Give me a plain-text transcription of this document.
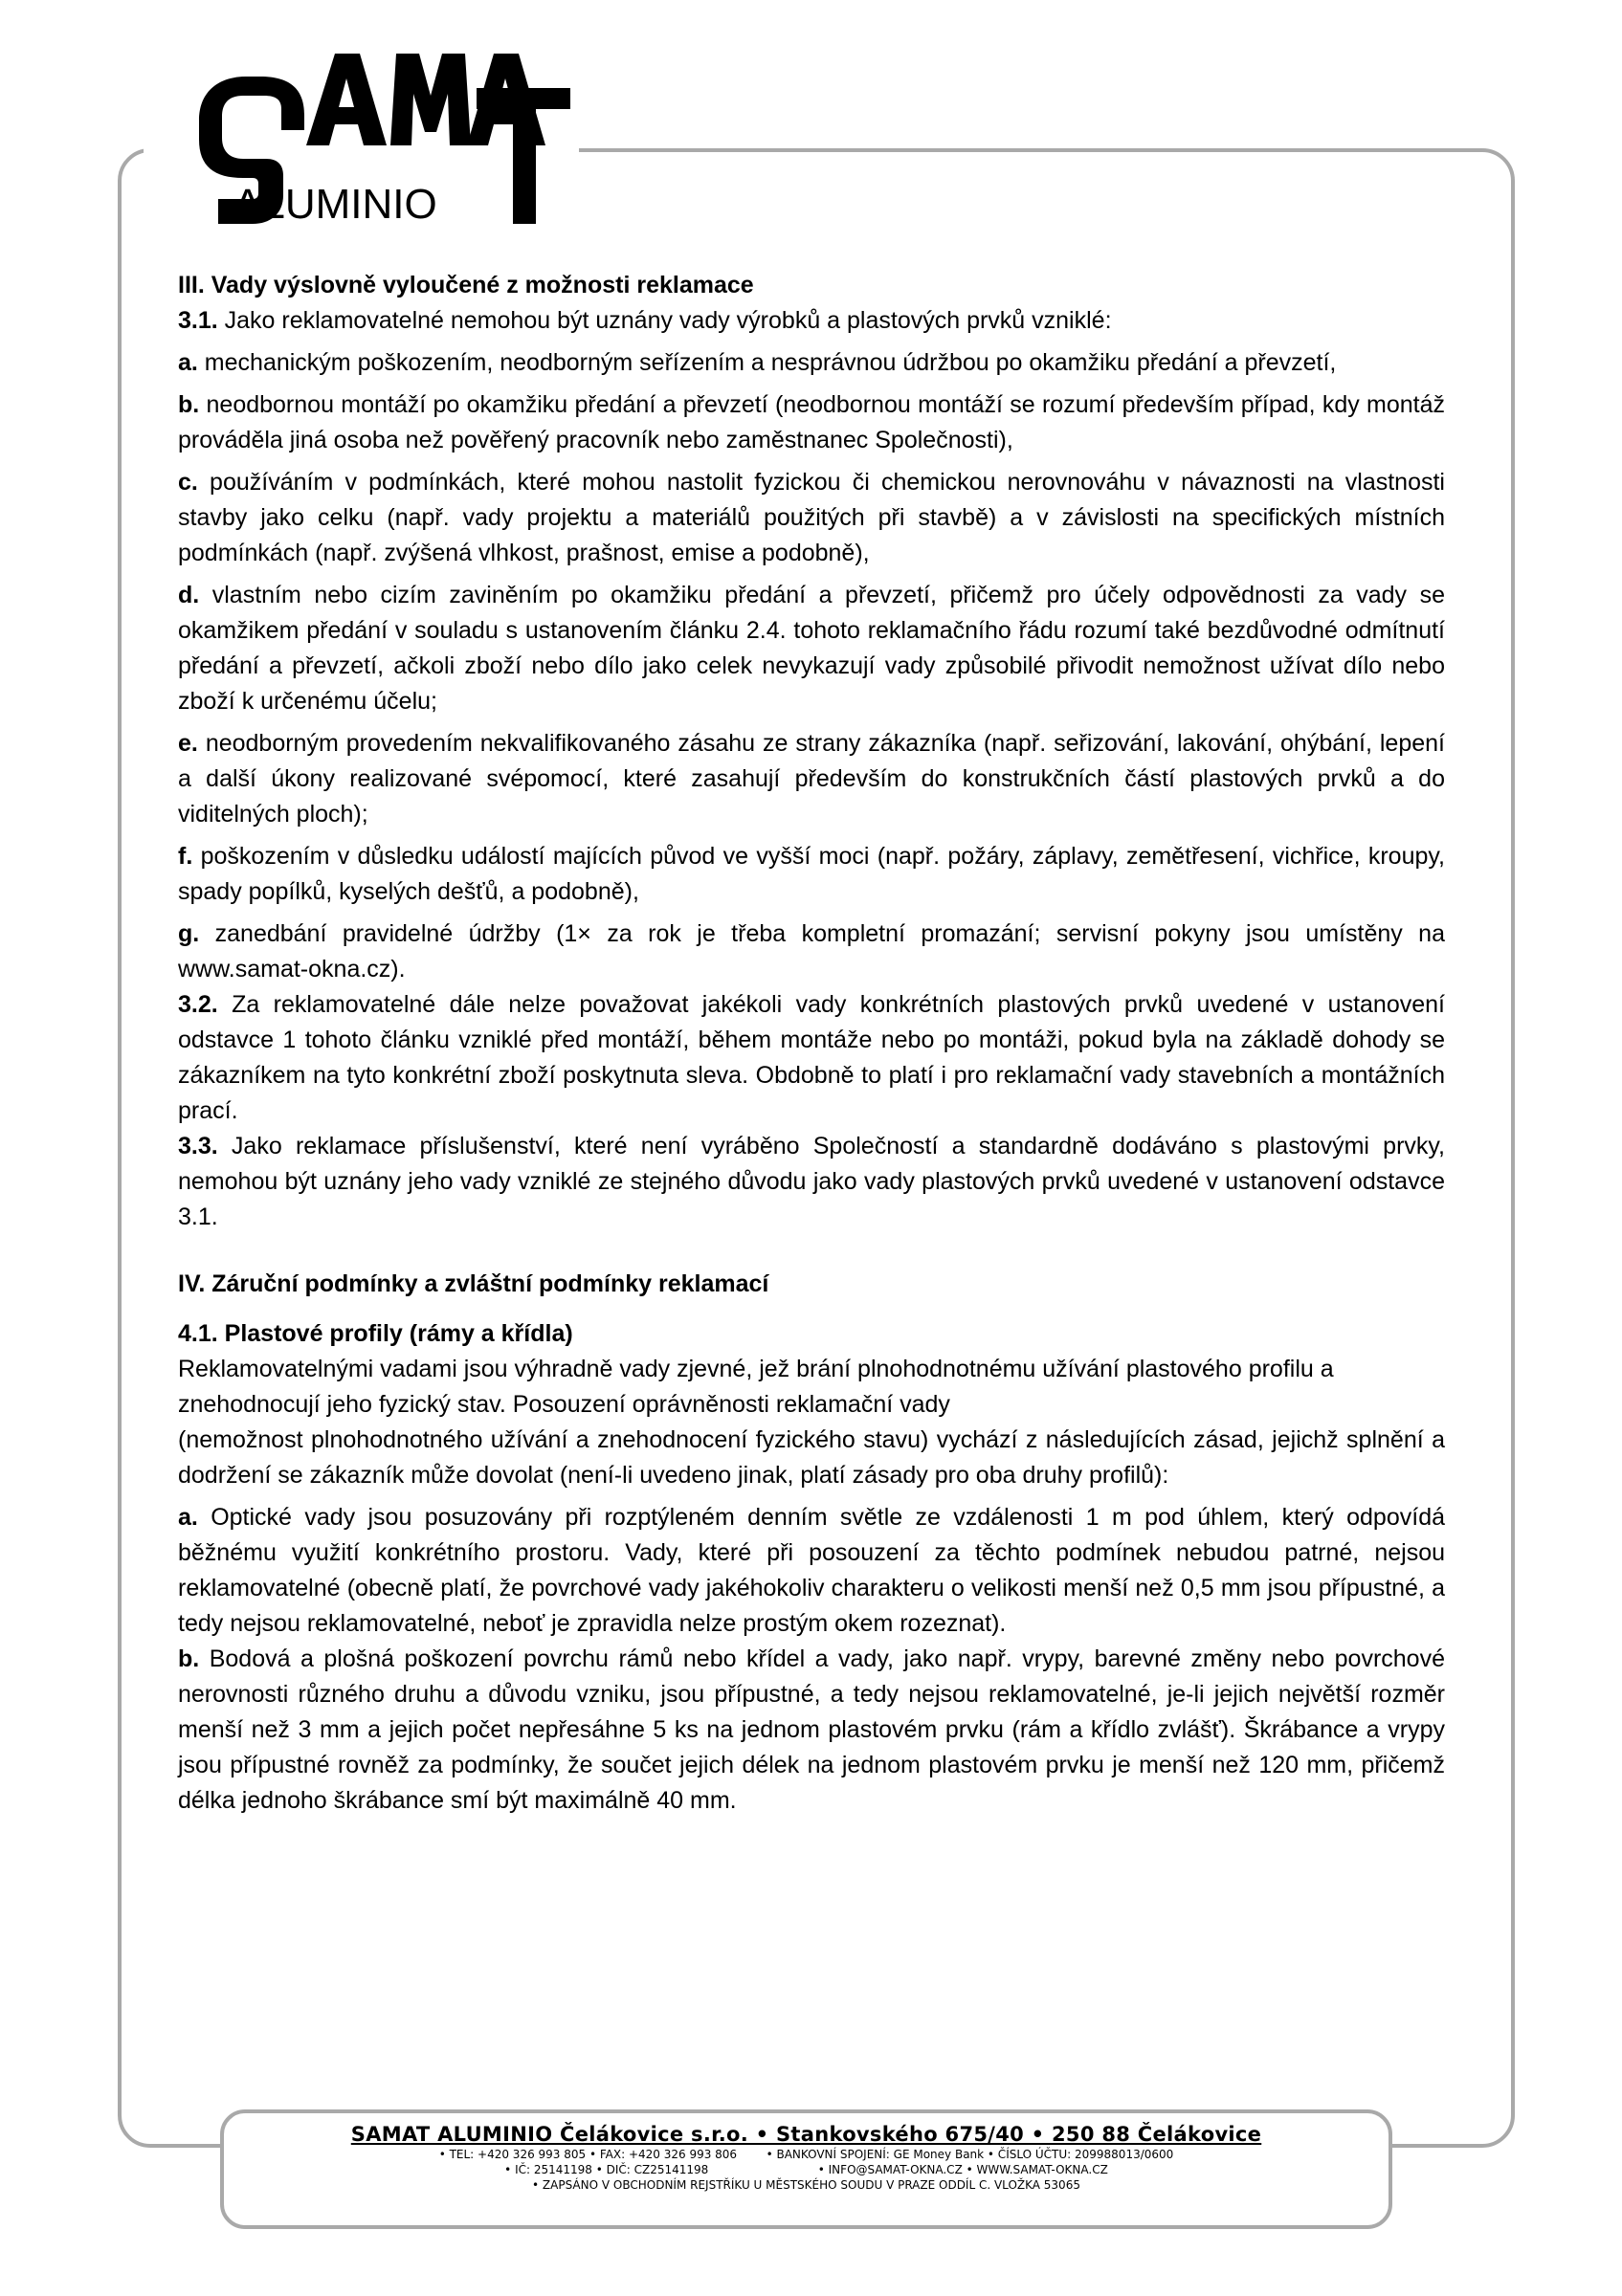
ALUMINIO

III. Vady výslovně vyloučené z možnosti reklamace

3.1. Jako reklamovatelné nemohou být uznány vady výrobků a plastových prvků vzniklé:

a. mechanickým poškozením, neodborným seřízením a nesprávnou údržbou po okamžiku předání a převzetí,

b. neodbornou montáží po okamžiku předání a převzetí (neodbornou montáží se rozumí především případ, kdy montáž prováděla jiná osoba než pověřený pracovník nebo zaměstnanec Společnosti),

c. používáním v podmínkách, které mohou nastolit fyzickou či chemickou nerovnováhu v návaznosti na vlastnosti stavby jako celku (např. vady projektu a materiálů použitých při stavbě) a v závislosti na specifických místních podmínkách (např. zvýšená vlhkost, prašnost, emise a podobně),

d. vlastním nebo cizím zaviněním po okamžiku předání a převzetí, přičemž pro účely odpovědnosti za vady se okamžikem předání v souladu s ustanovením článku 2.4. tohoto reklamačního řádu rozumí také bezdůvodné odmítnutí předání a převzetí, ačkoli zboží nebo dílo jako celek nevykazují vady způsobilé přivodit nemožnost užívat dílo nebo zboží k určenému účelu;

e. neodborným provedením nekvalifikovaného zásahu ze strany zákazníka (např. seřizování, lakování, ohýbání, lepení a další úkony realizované svépomocí, které zasahují především do konstrukčních částí plastových prvků a do viditelných ploch);

f. poškozením v důsledku událostí majících původ ve vyšší moci (např. požáry, záplavy, zemětřesení, vichřice, kroupy, spady popílků, kyselých dešťů, a podobně),

g. zanedbání pravidelné údržby (1× za rok je třeba kompletní promazání; servisní pokyny jsou umístěny na www.samat-okna.cz).

3.2. Za reklamovatelné dále nelze považovat jakékoli vady konkrétních plastových prvků uvedené v ustanovení odstavce 1 tohoto článku vzniklé před montáží, během montáže nebo po montáži, pokud byla na základě dohody se zákazníkem na tyto konkrétní zboží poskytnuta sleva. Obdobně to platí i pro reklamační vady stavebních a montážních prací.

3.3. Jako reklamace příslušenství, které není vyráběno Společností a standardně dodáváno s plastovými prvky, nemohou být uznány jeho vady vzniklé ze stejného důvodu jako vady plastových prvků uvedené v ustanovení odstavce 3.1.

IV. Záruční podmínky a zvláštní podmínky reklamací

4.1. Plastové profily (rámy a křídla)

Reklamovatelnými vadami jsou výhradně vady zjevné, jež brání plnohodnotnému užívání plastového profilu a znehodnocují jeho fyzický stav. Posouzení oprávněnosti reklamační vady

(nemožnost plnohodnotného užívání a znehodnocení fyzického stavu) vychází z následujících zásad, jejichž splnění a dodržení se zákazník může dovolat (není-li uvedeno jinak, platí zásady pro oba druhy profilů):

a. Optické vady jsou posuzovány při rozptýleném denním světle ze vzdálenosti 1 m pod úhlem, který odpovídá běžnému využití konkrétního prostoru. Vady, které při posouzení za těchto podmínek nebudou patrné, nejsou reklamovatelné (obecně platí, že povrchové vady jakéhokoliv charakteru o velikosti menší než 0,5 mm jsou přípustné, a tedy nejsou reklamovatelné, neboť je zpravidla nelze prostým okem rozeznat).

b. Bodová a plošná poškození povrchu rámů nebo křídel a vady, jako např. vrypy, barevné změny nebo povrchové nerovnosti různého druhu a důvodu vzniku, jsou přípustné, a tedy nejsou reklamovatelné, je-li jejich největší rozměr menší než 3 mm a jejich počet nepřesáhne 5 ks na jednom plastovém prvku (rám a křídlo zvlášť). Škrábance a vrypy jsou přípustné rovněž za podmínky, že součet jejich délek na jednom plastovém prvku je menší než 120 mm, přičemž délka jednoho škrábance smí být maximálně 40 mm.

SAMAT ALUMINIO Čelákovice s.r.o. • Stankovského 675/40 • 250 88 Čelákovice
• TEL: +420 326 993 805 • FAX: +420 326 993 806        • BANKOVNÍ SPOJENÍ: GE Money Bank • ČÍSLO ÚČTU: 209988013/0600
• IČ: 25141198 • DIČ: CZ25141198                              • INFO@SAMAT-OKNA.CZ • WWW.SAMAT-OKNA.CZ
• ZAPSÁNO V OBCHODNÍM REJSTŘÍKU U MĚSTSKÉHO SOUDU V PRAZE ODDÍL C. VLOŽKA 53065
